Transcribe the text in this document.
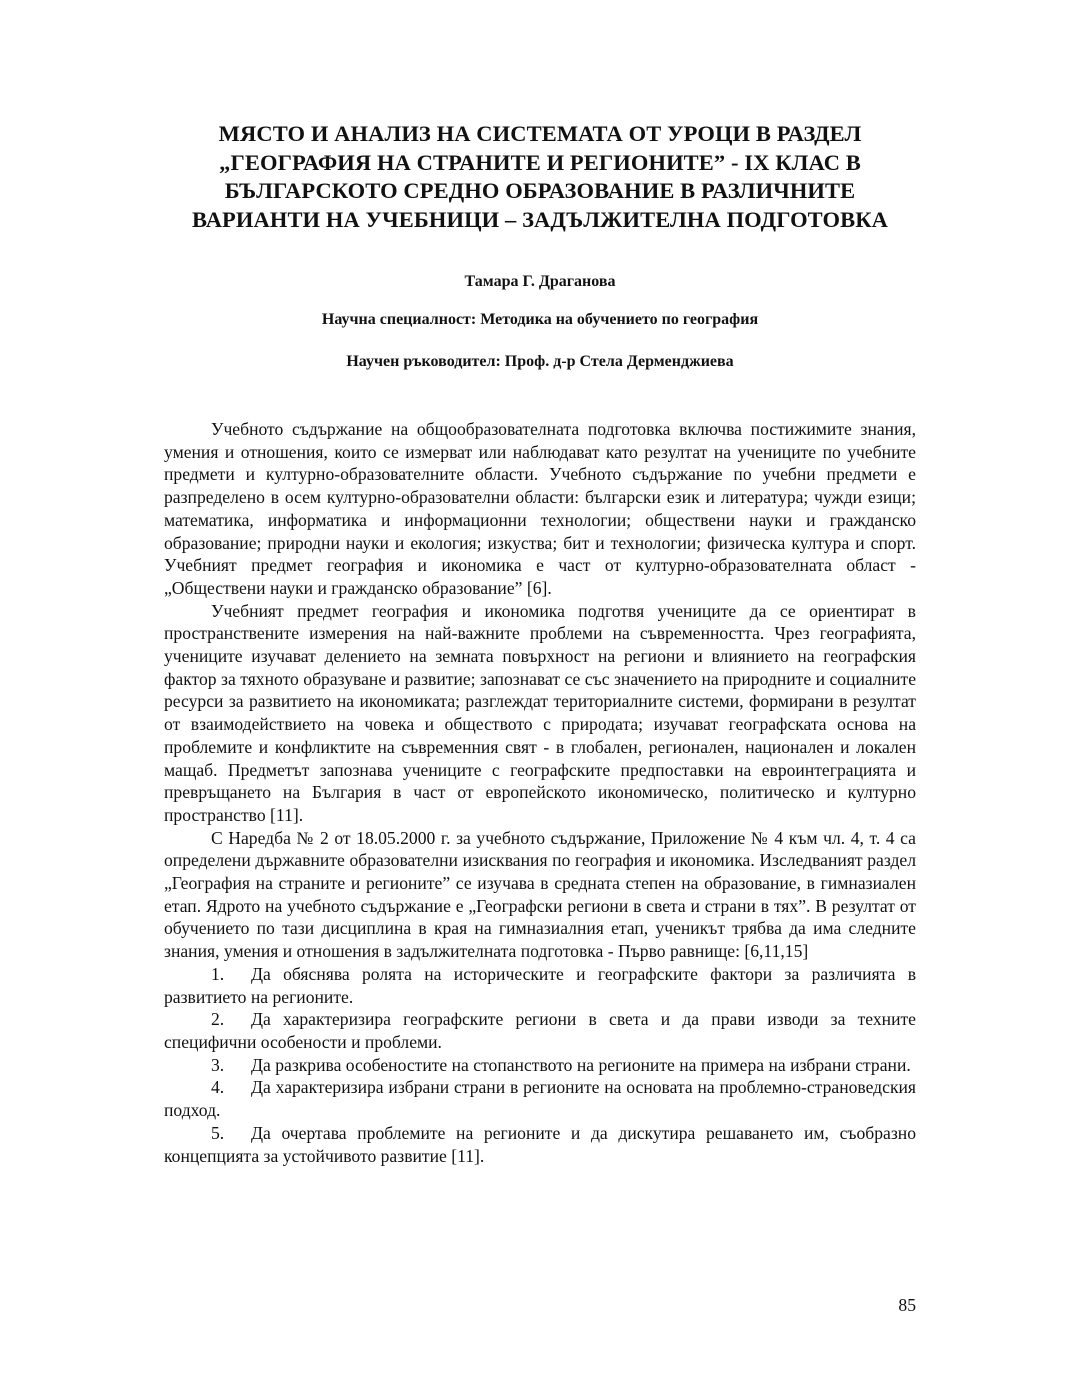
МЯСТО И АНАЛИЗ НА СИСТЕМАТА ОТ УРОЦИ В РАЗДЕЛ
„ГЕОГРАФИЯ НА СТРАНИТЕ И РЕГИОНИТЕ” - IX КЛАС В
БЪЛГАРСКОТО СРЕДНО ОБРАЗОВАНИЕ В РАЗЛИЧНИТЕ
ВАРИАНТИ НА УЧЕБНИЦИ – ЗАДЪЛЖИТЕЛНА ПОДГОТОВКА
Тамара Г. Драганова
Научна специалност: Методика на обучението по география
Научен ръководител: Проф. д-р Стела Дерменджиева

Учебното съдържание на общообразователната подготовка включва постижимите знания, умения и отношения, които се измерват или наблюдават като резултат на учениците по учебните предмети и културно-образователните области. Учебното съдържание по учебни предмети е разпределено в осем културно-образователни области: български език и литература; чужди езици; математика, информатика и информационни технологии; обществени науки и гражданско образование; природни науки и екология; изкуства; бит и технологии; физическа култура и спорт. Учебният предмет география и икономика е част от културно-образователната област - „Обществени науки и гражданско образование” [6].

Учебният предмет география и икономика подготвя учениците да се ориентират в пространствените измерения на най-важните проблеми на съвременността. Чрез географията, учениците изучават делението на земната повърхност на региони и влиянието на географския фактор за тяхното образуване и развитие; запознават се със значението на природните и социалните ресурси за развитието на икономиката; разглеждат териториалните системи, формирани в резултат от взаимодействието на човека и обществото с природата; изучават географската основа на проблемите и конфликтите на съвременния свят - в глобален, регионален, национален и локален мащаб. Предметът запознава учениците с географските предпоставки на евроинтеграцията и превръщането на България в част от европейското икономическо, политическо и културно пространство [11].

С Наредба № 2 от 18.05.2000 г. за учебното съдържание, Приложение № 4 към чл. 4, т. 4 са определени държавните образователни изисквания по география и икономика. Изследваният раздел „География на страните и регионите” се изучава в средната степен на образование, в гимназиален етап. Ядрото на учебното съдържание е „Географски региони в света и страни в тях”. В резултат от обучението по тази дисциплина в края на гимназиалния етап, ученикът трябва да има следните знания, умения и отношения в задължителната подготовка - Първо равнище: [6,11,15]

1. Да обяснява ролята на историческите и географските фактори за различията в развитието на регионите.
2. Да характеризира географските региони в света и да прави изводи за техните специфични особености и проблеми.
3. Да разкрива особеностите на стопанството на регионите на примера на избрани страни.
4. Да характеризира избрани страни в регионите на основата на проблемно-страноведския подход.
5. Да очертава проблемите на регионите и да дискутира решаването им, съобразно концепцията за устойчивото развитие [11].
85
